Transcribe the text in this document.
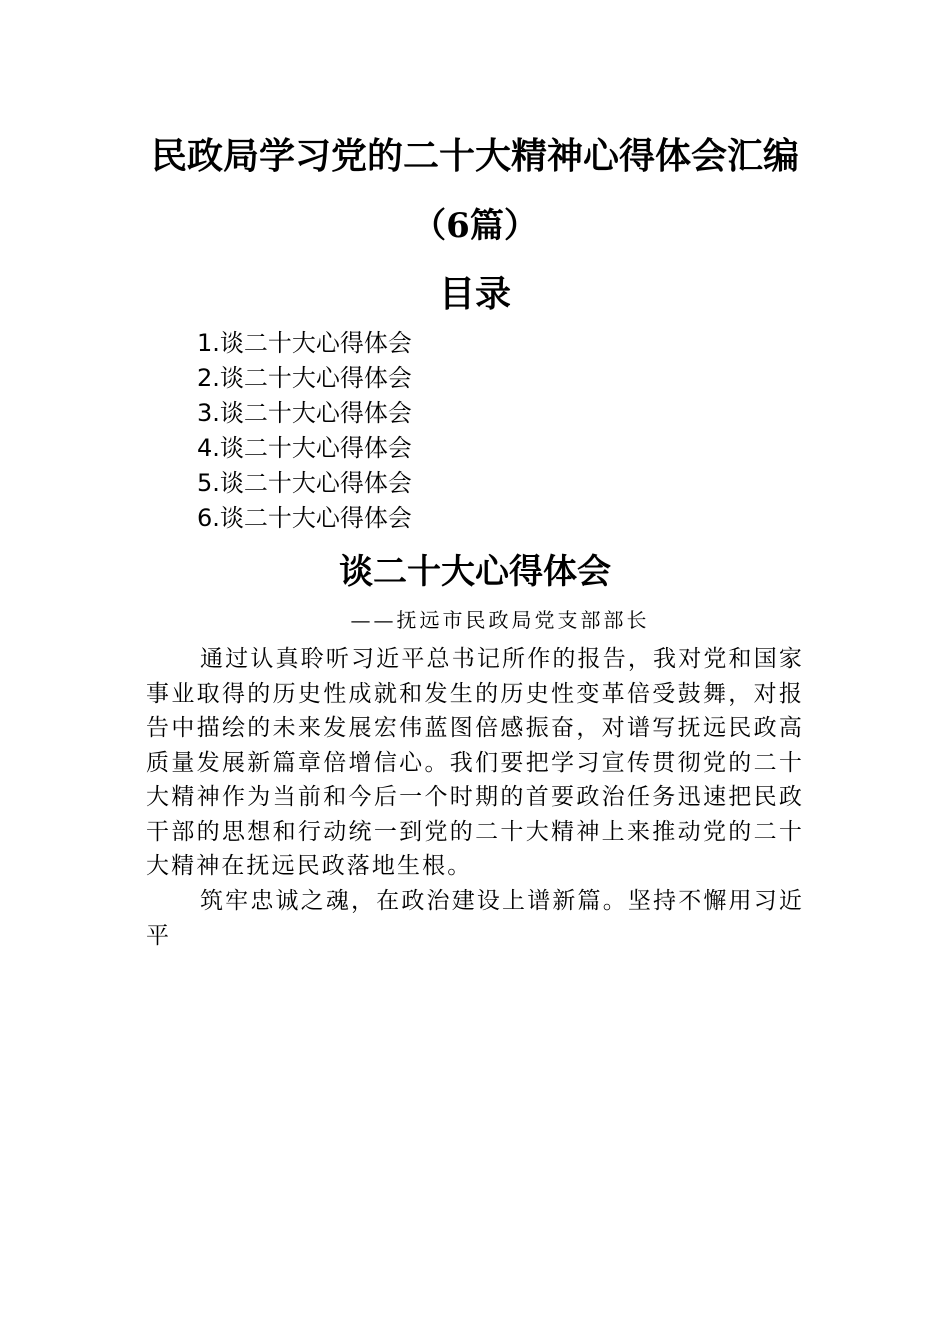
民政局学习党的二十大精神心得体会汇编
（6篇）
目录
1.谈二十大心得体会
2.谈二十大心得体会
3.谈二十大心得体会
4.谈二十大心得体会
5.谈二十大心得体会
6.谈二十大心得体会
谈二十大心得体会
——抚远市民政局党支部部长

通过认真聆听习近平总书记所作的报告，我对党和国家事业取得的历史性成就和发生的历史性变革倍受鼓舞，对报告中描绘的未来发展宏伟蓝图倍感振奋，对谱写抚远民政高质量发展新篇章倍增信心。我们要把学习宣传贯彻党的二十大精神作为当前和今后一个时期的首要政治任务迅速把民政干部的思想和行动统一到党的二十大精神上来推动党的二十大精神在抚远民政落地生根。

筑牢忠诚之魂，在政治建设上谱新篇。坚持不懈用习近平
